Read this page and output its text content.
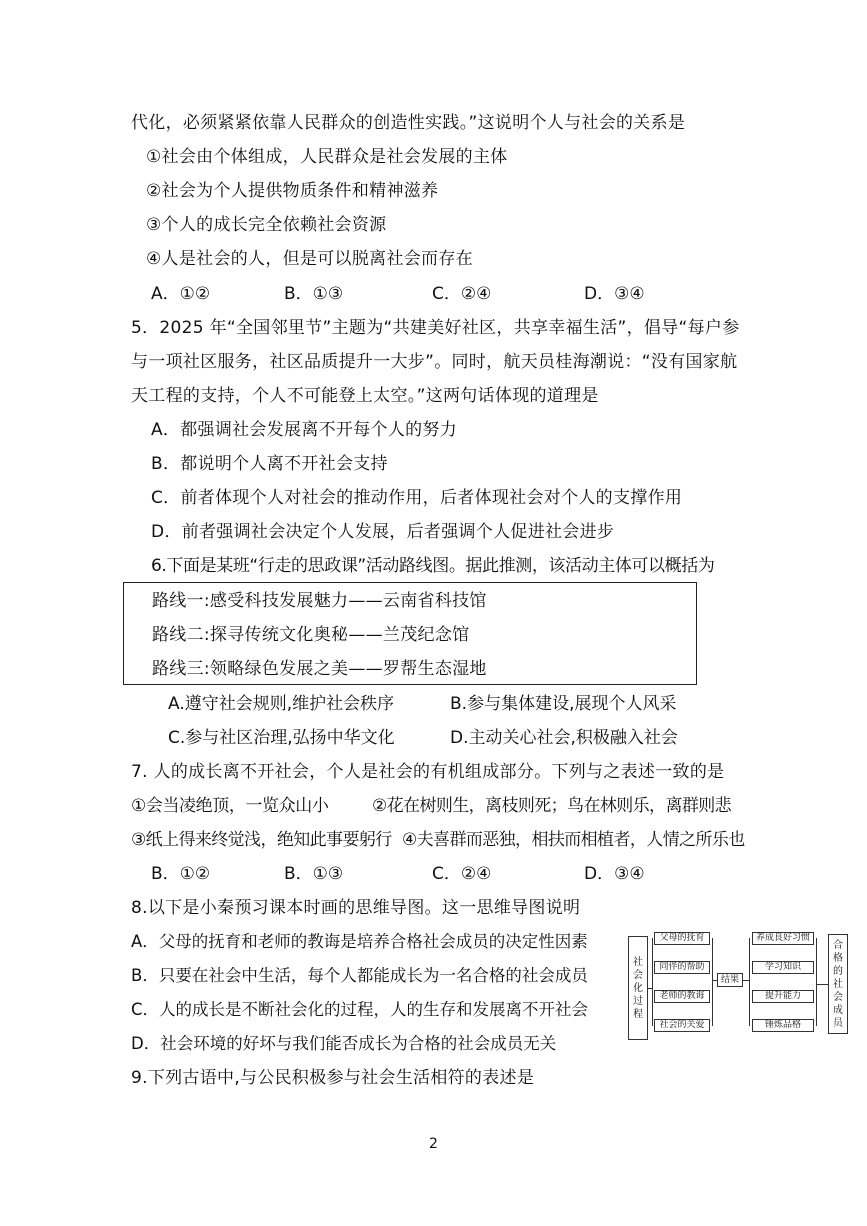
代化，必须紧紧依靠人民群众的创造性实践。”这说明个人与社会的关系是
①社会由个体组成，人民群众是社会发展的主体
②社会为个人提供物质条件和精神滋养
③个人的成长完全依赖社会资源
④人是社会的人，但是可以脱离社会而存在
A．①②	B．①③	C．②④	D．③④
5．2025 年“全国邻里节”主题为“共建美好社区，共享幸福生活”，倡导“每户参
与一项社区服务，社区品质提升一大步”。同时，航天员桂海潮说：“没有国家航
天工程的支持，个人不可能登上太空。”这两句话体现的道理是
A．都强调社会发展离不开每个人的努力
B．都说明个人离不开社会支持
C．前者体现个人对社会的推动作用，后者体现社会对个人的支撑作用
D．前者强调社会决定个人发展，后者强调个人促进社会进步
6.下面是某班“行走的思政课”活动路线图。据此推测，该活动主体可以概括为
路线一:感受科技发展魅力——云南省科技馆
路线二:探寻传统文化奥秘——兰茂纪念馆
路线三:领略绿色发展之美——罗帮生态湿地
A.遵守社会规则,维护社会秩序	B.参与集体建设,展现个人风采
C.参与社区治理,弘扬中华文化	D.主动关心社会,积极融入社会
7. 人的成长离不开社会，个人是社会的有机组成部分。下列与之表述一致的是
①会当凌绝顶，一览众山小	②花在树则生，离枝则死；鸟在林则乐，离群则悲
③纸上得来终觉浅，绝知此事要躬行 ④夫喜群而恶独，相扶而相植者，人情之所乐也
B．①②	B．①③	C．②④	D．③④
8.以下是小秦预习课本时画的思维导图。这一思维导图说明
A．父母的抚育和老师的教诲是培养合格社会成员的决定性因素
B．只要在社会中生活，每个人都能成长为一名合格的社会成员
C．人的成长是不断社会化的过程，人的生存和发展离不开社会
D．社会环境的好坏与我们能否成长为合格的社会成员无关
社会化过程
父母的抚育
同伴的帮助
老师的教诲
社会的关爱
结果
养成良好习惯
学习知识
提升能力
锤炼品格
合格的社会成员
9.下列古语中,与公民积极参与社会生活相符的表述是
2
